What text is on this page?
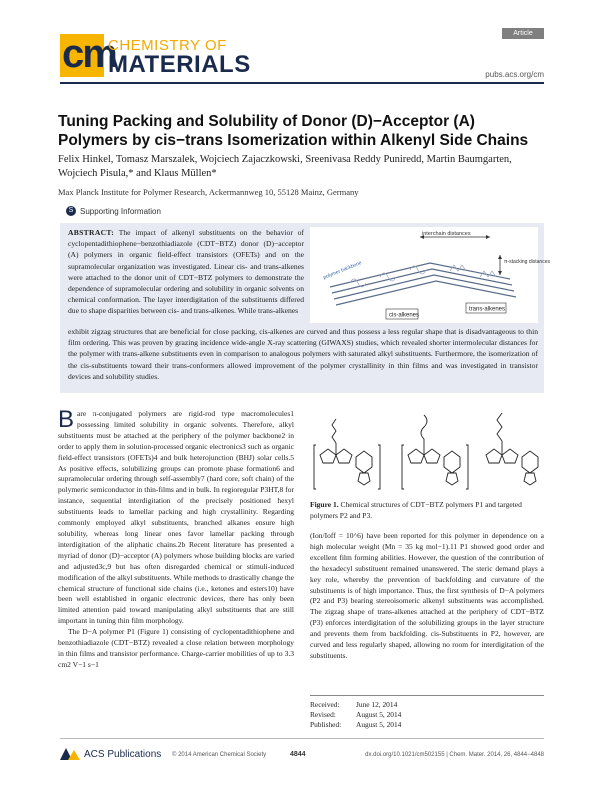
cm
CHEMISTRY OF
MATERIALS
Article
pubs.acs.org/cm
Tuning Packing and Solubility of Donor (D)−Acceptor (A) Polymers by cis−trans Isomerization within Alkenyl Side Chains
Felix Hinkel, Tomasz Marszalek, Wojciech Zajaczkowski, Sreenivasa Reddy Puniredd, Martin Baumgarten, Wojciech Pisula,* and Klaus Müllen*
Max Planck Institute for Polymer Research, Ackermannweg 10, 55128 Mainz, Germany
S Supporting Information
ABSTRACT: The impact of alkenyl substituents on the behavior of cyclopentadithiophene−benzothiadiazole (CDT−BTZ) donor (D)−acceptor (A) polymers in organic field-effect transistors (OFETs) and on the supramolecular organization was investigated. Linear cis- and trans-alkenes were attached to the donor unit of CDT−BTZ polymers to demonstrate the dependence of supramolecular ordering and solubility in organic solvents on chemical conformation. The layer interdigitation of the substituents differed due to shape disparities between cis- and trans-alkenes. While trans-alkenes
interchain distances
π-stacking distances
polymer backbone
cis-alkenes
trans-alkenes
exhibit zigzag structures that are beneficial for close packing, cis-alkenes are curved and thus possess a less regular shape that is disadvantageous to thin film ordering. This was proven by grazing incidence wide-angle X-ray scattering (GIWAXS) studies, which revealed shorter intermolecular distances for the polymer with trans-alkene substituents even in comparison to analogous polymers with saturated alkyl substituents. Furthermore, the isomerization of the cis-substituents toward their trans-conformers allowed improvement of the polymer crystallinity in thin films and was investigated in transistor devices and solubility studies.
B are π-conjugated polymers are rigid-rod type macromolecules1 possessing limited solubility in organic solvents. Therefore, alkyl substituents must be attached at the periphery of the polymer backbone2 in order to apply them in solution-processed organic electronics3 such as organic field-effect transistors (OFETs)4 and bulk heterojunction (BHJ) solar cells.5 As positive effects, solubilizing groups can promote phase formation6 and supramolecular ordering through self-assembly7 (hard core, soft chain) of the polymeric semiconductor in thin-films and in bulk. In regioregular P3HT,8 for instance, sequential interdigitation of the precisely positioned hexyl substituents leads to lamellar packing and high crystallinity. Regarding commonly employed alkyl substituents, branched alkanes ensure high solubility, whereas long linear ones favor lamellar packing through interdigitation of the aliphatic chains.2b Recent literature has presented a myriad of donor (D)−acceptor (A) polymers whose building blocks are varied and adjusted3c,9 but has often disregarded chemical or stimuli-induced modification of the alkyl substituents. While methods to drastically change the chemical structure of functional side chains (i.e., ketones and esters10) have been well established in organic electronic devices, there has only been limited attention paid toward manipulating alkyl substituents that are still important in tuning thin film morphology.

The D−A polymer P1 (Figure 1) consisting of cyclopentadithiophene and benzothiadiazole (CDT−BTZ) revealed a close relation between morphology in thin films and transistor performance. Charge-carrier mobilities of up to 3.3 cm2 V−1 s−1

Figure 1. Chemical structures of CDT−BTZ polymers P1 and targeted polymers P2 and P3.
(Ion/Ioff = 10^6) have been reported for this polymer in dependence on a high molecular weight (Mn = 35 kg mol−1).11 P1 showed good order and excellent film forming abilities. However, the question of the contribution of the hexadecyl substituent remained unanswered. The steric demand plays a key role, whereby the prevention of backfolding and curvature of the substituents is of high importance. Thus, the first synthesis of D−A polymers (P2 and P3) bearing stereoisomeric alkenyl substituents was accomplished. The zigzag shape of trans-alkenes attached at the periphery of CDT−BTZ (P3) enforces interdigitation of the solubilizing groups in the layer structure and prevents them from backfolding. cis-Substituents in P2, however, are curved and less regularly shaped, allowing no room for interdigitation of the substituents.
Received:	June 12, 2014
Revised:	August 5, 2014
Published:	August 5, 2014
ACS Publications © 2014 American Chemical Society	4844	dx.doi.org/10.1021/cm502155 | Chem. Mater. 2014, 26, 4844−4848
